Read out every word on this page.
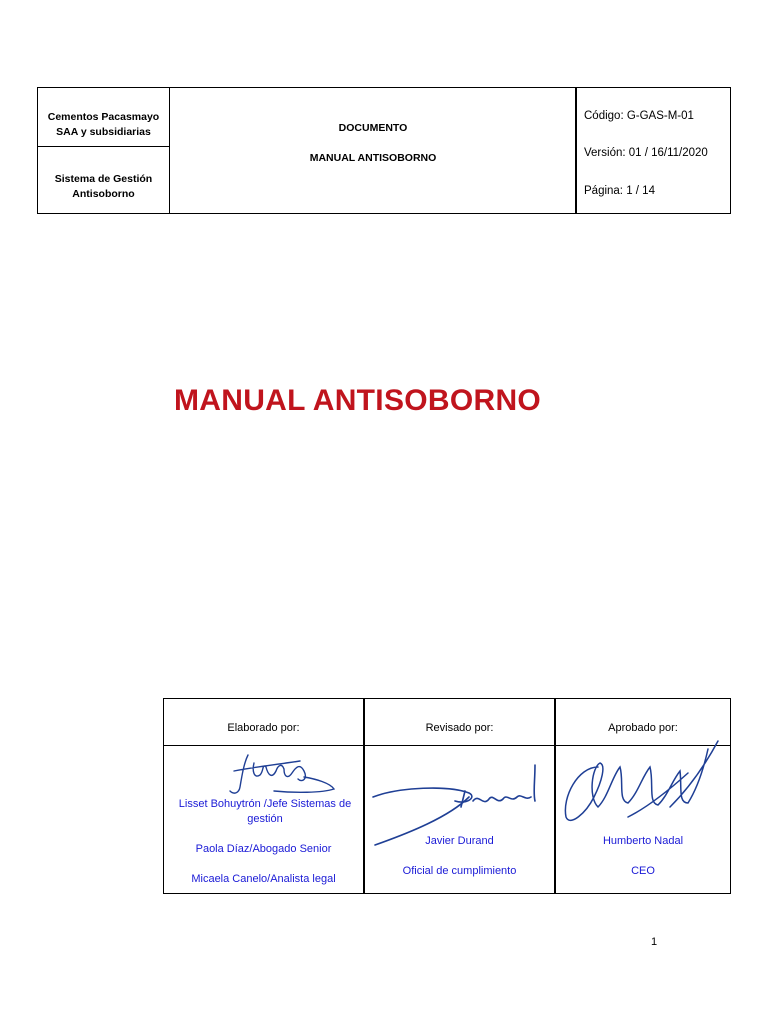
Cementos Pacasmayo SAA y subsidiarias
Sistema de Gestión Antisoborno
DOCUMENTO
MANUAL ANTISOBORNO
Código: G-GAS-M-01
Versión: 01 / 16/11/2020
Página: 1 / 14
MANUAL ANTISOBORNO
Elaborado por:	Revisado por:	Aprobado por:
Lisset Bohuytrón /Jefe Sistemas de gestión
Paola Díaz/Abogado Senior
Micaela Canelo/Analista legal
Javier Durand
Oficial de cumplimiento
Humberto Nadal
CEO
1
